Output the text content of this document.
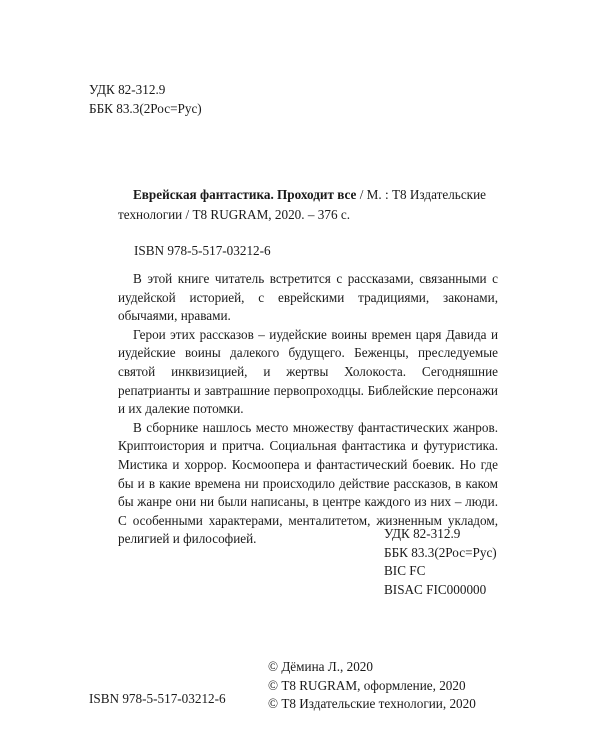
УДК 82-312.9
ББК 83.3(2Рос=Рус)
Еврейская фантастика. Проходит все / М. : Т8 Издательские технологии / Т8 RUGRAM, 2020. – 376 с.
ISBN 978-5-517-03212-6

В этой книге читатель встретится с рассказами, связанными с иудейской историей, с еврейскими традициями, законами, обычаями, нравами.

Герои этих рассказов – иудейские воины времен царя Давида и иудейские воины далекого будущего. Беженцы, преследуемые святой инквизицией, и жертвы Холокоста. Сегодняшние репатрианты и завтрашние первопроходцы. Библейские персонажи и их далекие потомки.

В сборнике нашлось место множеству фантастических жанров. Криптоистория и притча. Социальная фантастика и футуристика. Мистика и хоррор. Космоопера и фантастический боевик. Но где бы и в какие времена ни происходило действие рассказов, в каком бы жанре они ни были написаны, в центре каждого из них – люди. С особенными характерами, менталитетом, жизненным укладом, религией и философией.	УДК 82-312.9
ББК 83.3(2Рос=Рус)
BIC FC
BISAC FIC000000
© Дёмина Л., 2020
© Т8 RUGRAM, оформление, 2020
© Т8 Издательские технологии, 2020
ISBN 978-5-517-03212-6
